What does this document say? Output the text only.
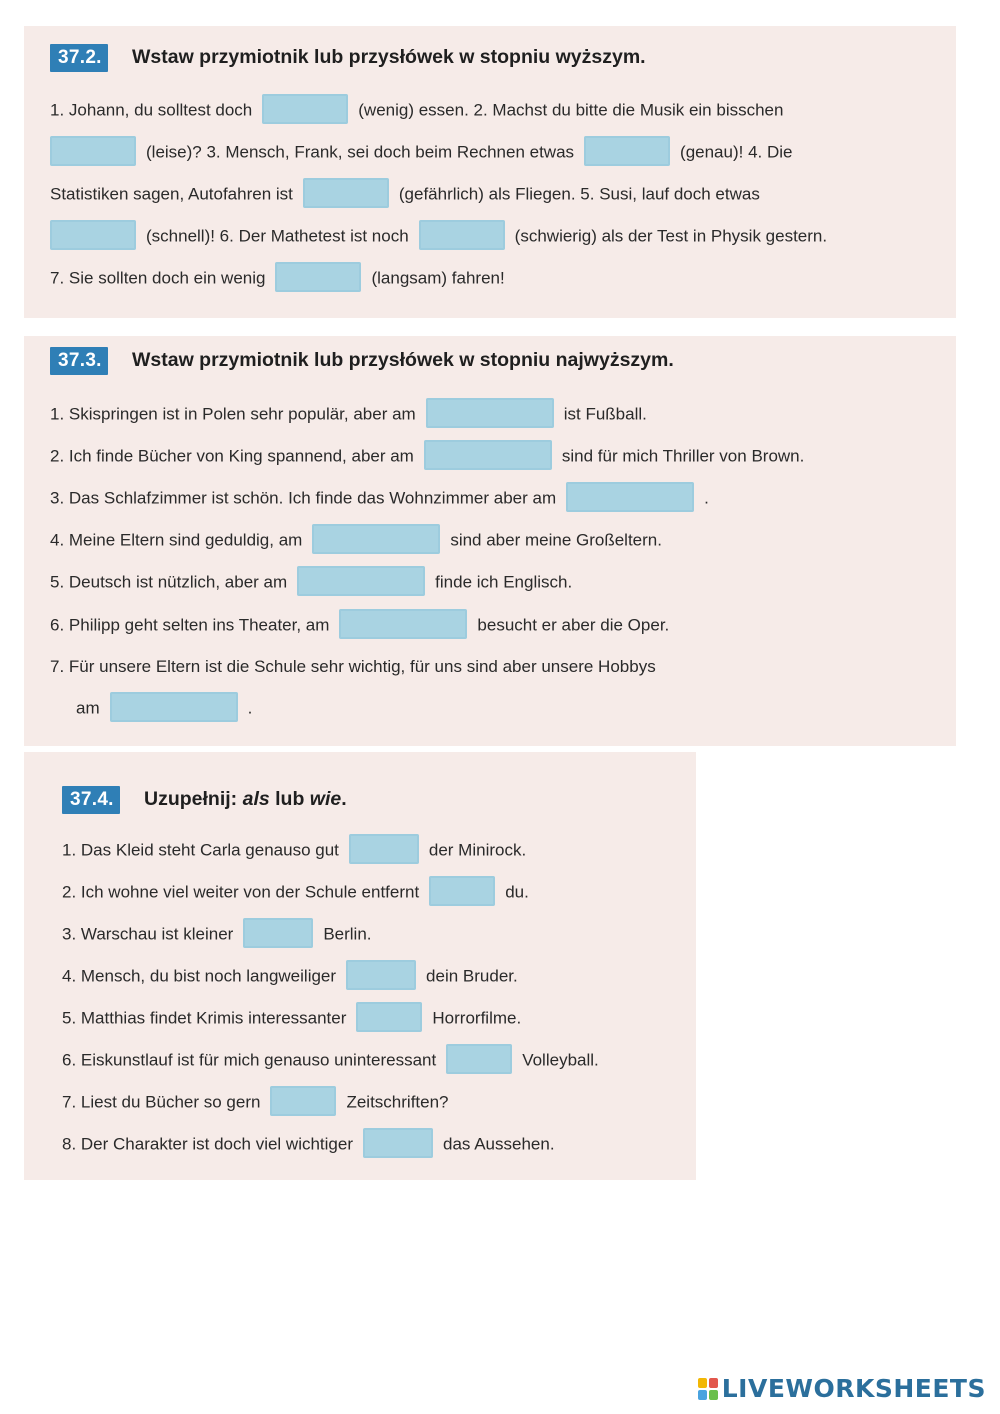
37.2.	Wstaw przymiotnik lub przysłówek w stopniu wyższym.
1. Johann, du solltest doch	(wenig) essen. 2. Machst du bitte die Musik ein bisschen
(leise)? 3. Mensch, Frank, sei doch beim Rechnen etwas	(genau)! 4. Die
Statistiken sagen, Autofahren ist	(gefährlich) als Fliegen. 5. Susi, lauf doch etwas
(schnell)! 6. Der Mathetest ist noch	(schwierig) als der Test in Physik gestern.
7. Sie sollten doch ein wenig	(langsam) fahren!
37.3.	Wstaw przymiotnik lub przysłówek w stopniu najwyższym.
1. Skispringen ist in Polen sehr populär, aber am	ist Fußball.
2. Ich finde Bücher von King spannend, aber am	sind für mich Thriller von Brown.
3. Das Schlafzimmer ist schön. Ich finde das Wohnzimmer aber am	.
4. Meine Eltern sind geduldig, am	sind aber meine Großeltern.
5. Deutsch ist nützlich, aber am	finde ich Englisch.
6. Philipp geht selten ins Theater, am	besucht er aber die Oper.
7. Für unsere Eltern ist die Schule sehr wichtig, für uns sind aber unsere Hobbys
am	.
37.4.	Uzupełnij: als lub wie.
1. Das Kleid steht Carla genauso gut	der Minirock.
2. Ich wohne viel weiter von der Schule entfernt	du.
3. Warschau ist kleiner	Berlin.
4. Mensch, du bist noch langweiliger	dein Bruder.
5. Matthias findet Krimis interessanter	Horrorfilme.
6. Eiskunstlauf ist für mich genauso uninteressant	Volleyball.
7. Liest du Bücher so gern	Zeitschriften?
8. Der Charakter ist doch viel wichtiger	das Aussehen.
LIVEWORKSHEETS
